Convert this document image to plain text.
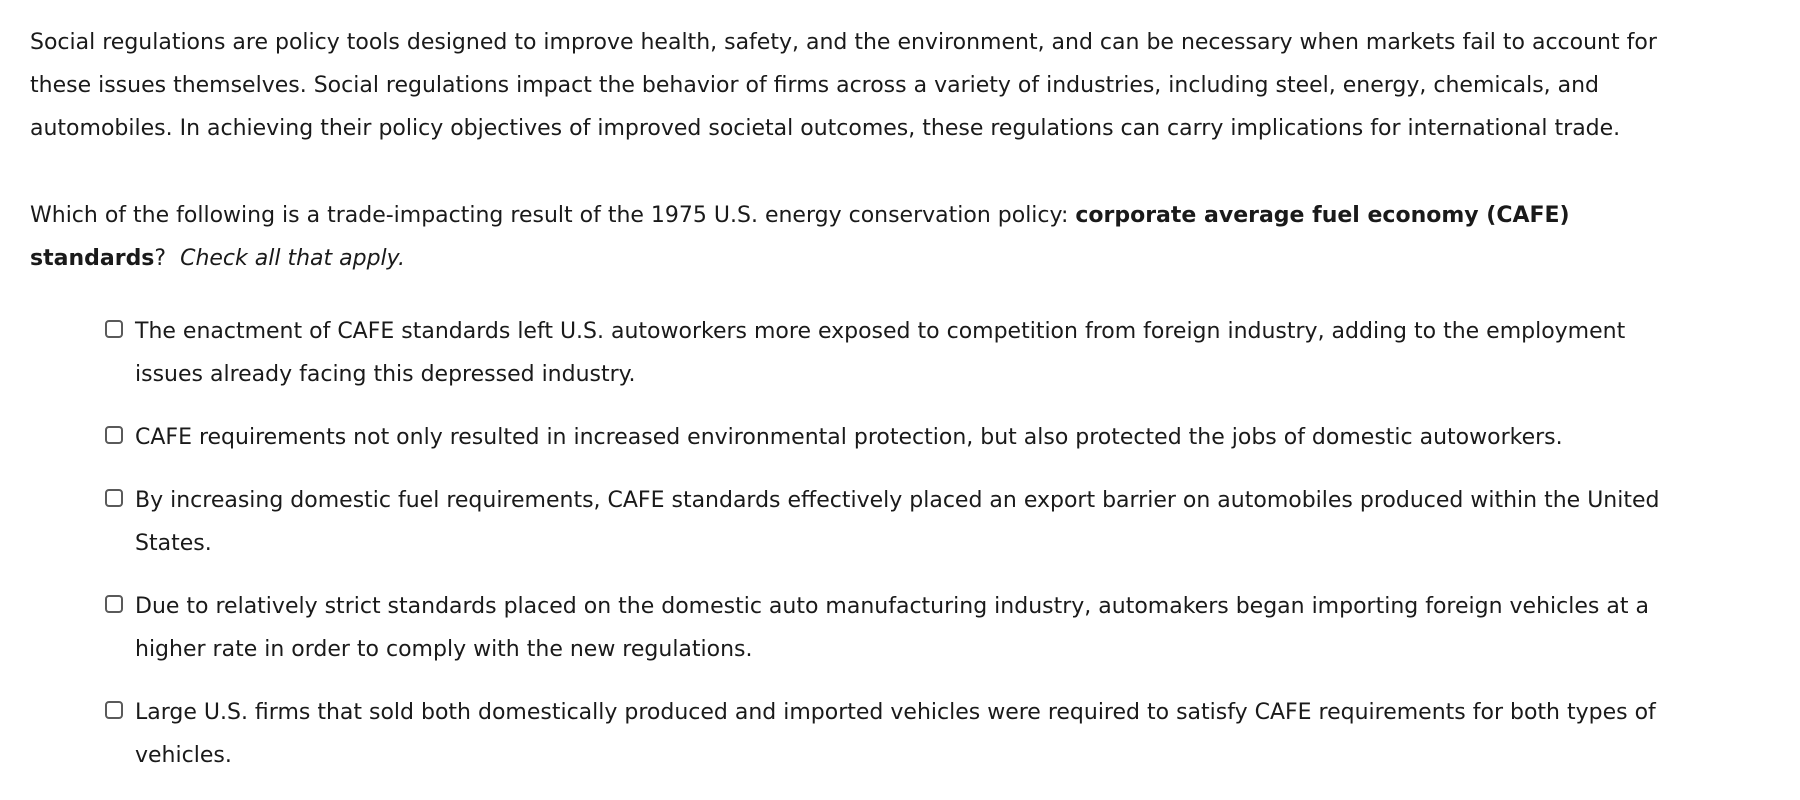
Social regulations are policy tools designed to improve health, safety, and the environment, and can be necessary when markets fail to account for these issues themselves. Social regulations impact the behavior of firms across a variety of industries, including steel, energy, chemicals, and automobiles. In achieving their policy objectives of improved societal outcomes, these regulations can carry implications for international trade.

Which of the following is a trade-impacting result of the 1975 U.S. energy conservation policy: corporate average fuel economy (CAFE) standards? Check all that apply.

The enactment of CAFE standards left U.S. autoworkers more exposed to competition from foreign industry, adding to the employment issues already facing this depressed industry.
CAFE requirements not only resulted in increased environmental protection, but also protected the jobs of domestic autoworkers.
By increasing domestic fuel requirements, CAFE standards effectively placed an export barrier on automobiles produced within the United States.
Due to relatively strict standards placed on the domestic auto manufacturing industry, automakers began importing foreign vehicles at a higher rate in order to comply with the new regulations.
Large U.S. firms that sold both domestically produced and imported vehicles were required to satisfy CAFE requirements for both types of vehicles.
